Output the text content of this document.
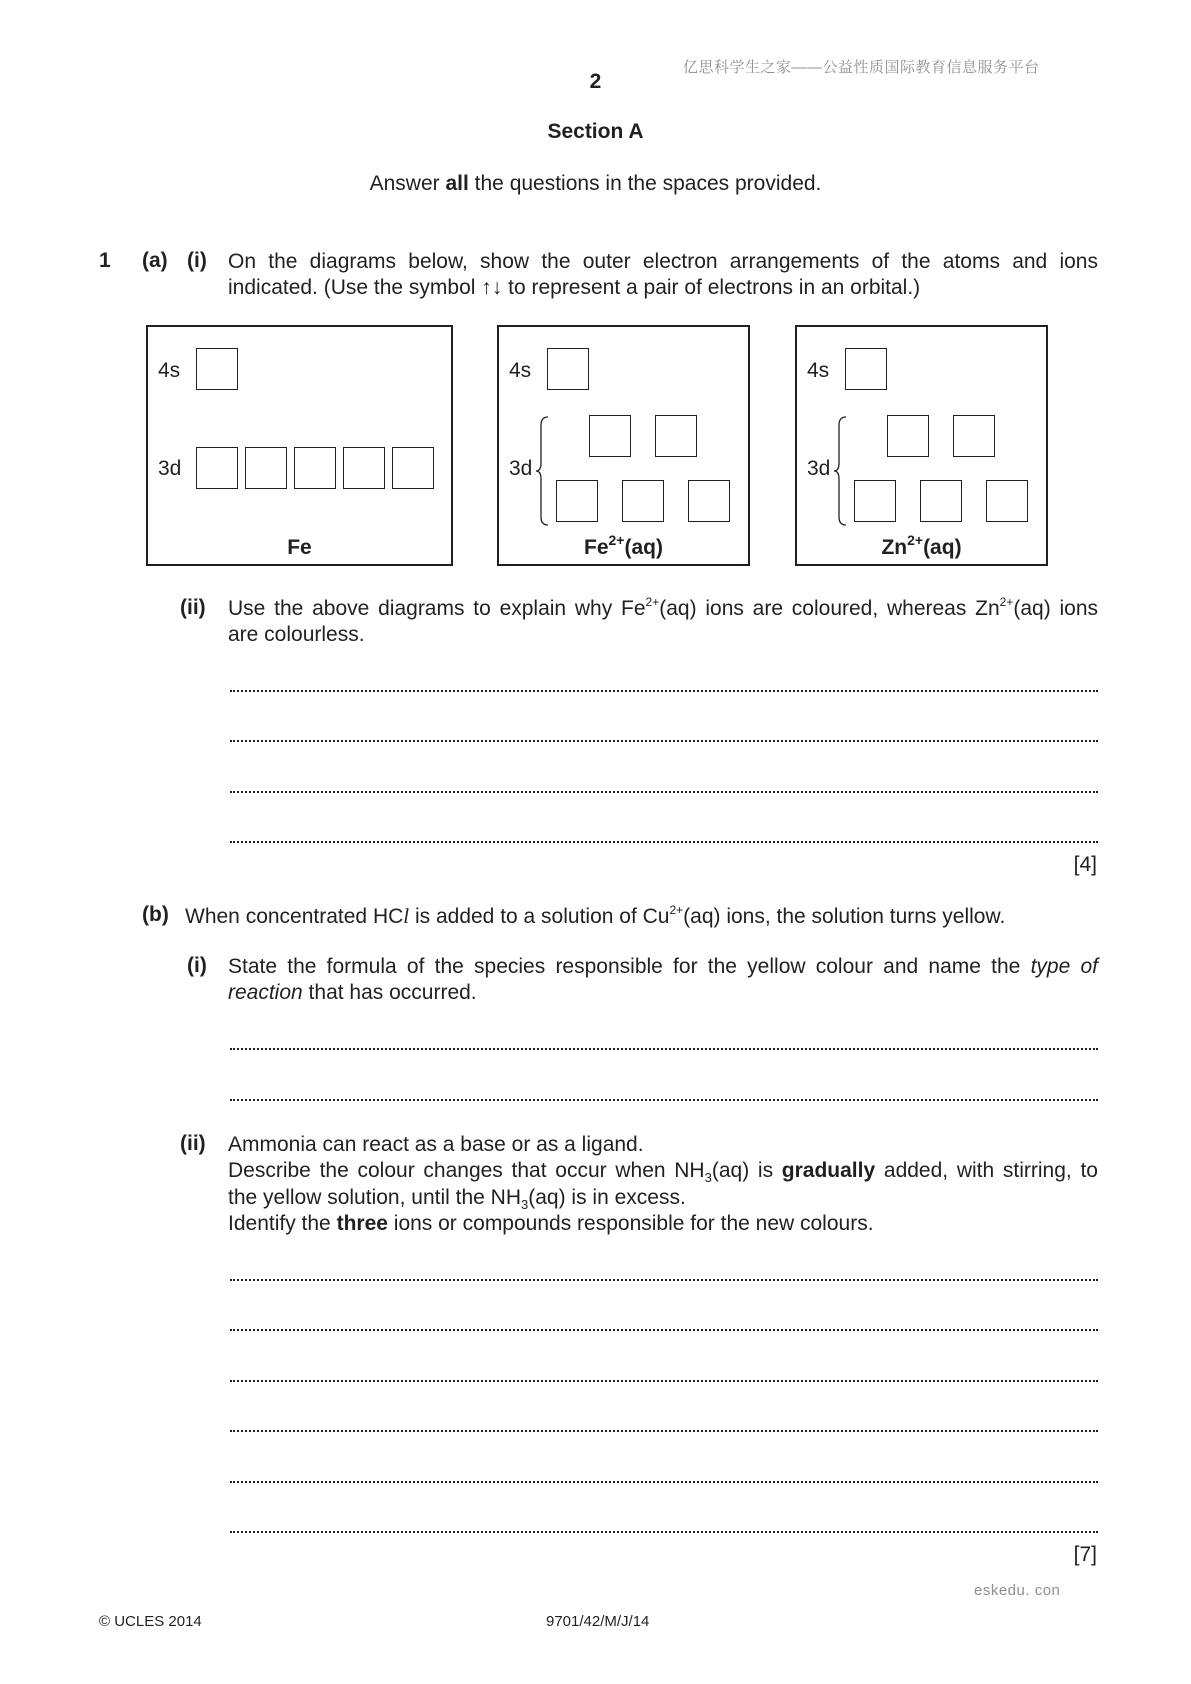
亿思科学生之家——公益性质国际教育信息服务平台
eskedu. con
2
Section A
Answer all the questions in the spaces provided.
1 (a) (i) On the diagrams below, show the outer electron arrangements of the atoms and ions
indicated. (Use the symbol ↑↓ to represent a pair of electrons in an orbital.)
4s
3d
Fe
4s
3d
$Fe^{2+}(aq)$
4s
3d
$Zn^{2+}(aq)$
(ii) Use the above diagrams to explain why $Fe^{2+}(aq)$ ions are coloured, whereas $Zn^{2+}(aq)$ ions
are colourless.
[4]
(b) When concentrated HCl is added to a solution of $Cu^{2+}(aq)$ ions, the solution turns yellow.
(i) State the formula of the species responsible for the yellow colour and name the type of
reaction that has occurred.
(ii) Ammonia can react as a base or as a ligand.
Describe the colour changes that occur when $NH_3(aq)$ is gradually added, with stirring, to
the yellow solution, until the $NH_3(aq)$ is in excess.
Identify the three ions or compounds responsible for the new colours.
[7]
© UCLES 2014	9701/42/M/J/14
